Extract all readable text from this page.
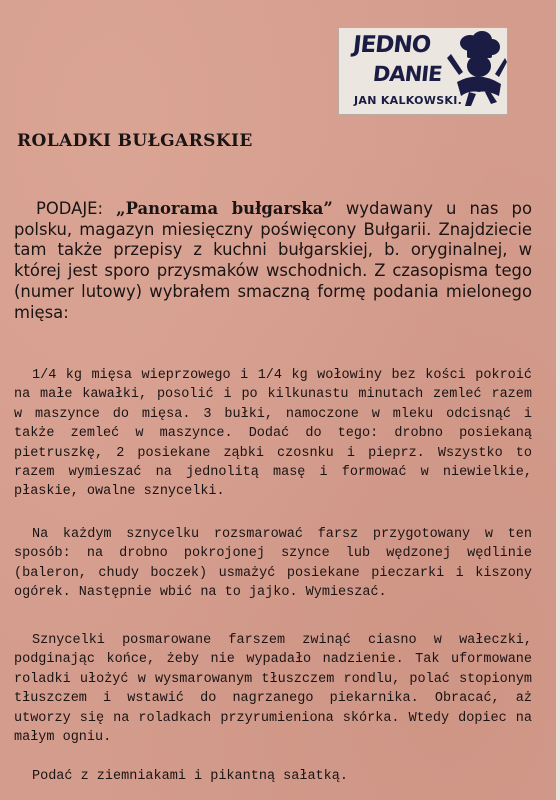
JEDNO
DANIE
JAN KALKOWSKI.
ROLADKI BUŁGARSKIE

PODAJE: „Panorama bułgarska” wydawany u nas po polsku, magazyn miesięczny poświęcony Bułgarii. Znajdziecie tam także przepisy z kuchni bułgarskiej, b. oryginalnej, w której jest sporo przysmaków wschodnich. Z czasopisma tego (numer lutowy) wybrałem smaczną formę podania mielonego mięsa:

1/4 kg mięsa wieprzowego i 1/4 kg wołowiny bez kości pokroić na małe kawałki, posolić i po kilkunastu minutach zemleć razem w maszynce do mięsa. 3 bułki, namoczone w mleku odcisnąć i także zemleć w maszynce. Dodać do tego: drobno posiekaną pietruszkę, 2 posiekane ząbki czosnku i pieprz. Wszystko to razem wymieszać na jednolitą masę i formować w niewielkie, płaskie, owalne sznycelki.

Na każdym sznycelku rozsmarować farsz przygotowany w ten sposób: na drobno pokrojonej szynce lub wędzonej wędlinie (baleron, chudy boczek) usmażyć posiekane pieczarki i kiszony ogórek. Następnie wbić na to jajko. Wymieszać.

Sznycelki posmarowane farszem zwinąć ciasno w wałeczki, podginając końce, żeby nie wypadało nadzienie. Tak uformowane roladki ułożyć w wysmarowanym tłuszczem rondlu, polać stopionym tłuszczem i wstawić do nagrzanego piekarnika. Obracać, aż utworzy się na roladkach przyrumieniona skórka. Wtedy dopiec na małym ogniu.

Podać z ziemniakami i pikantną sałatką.
